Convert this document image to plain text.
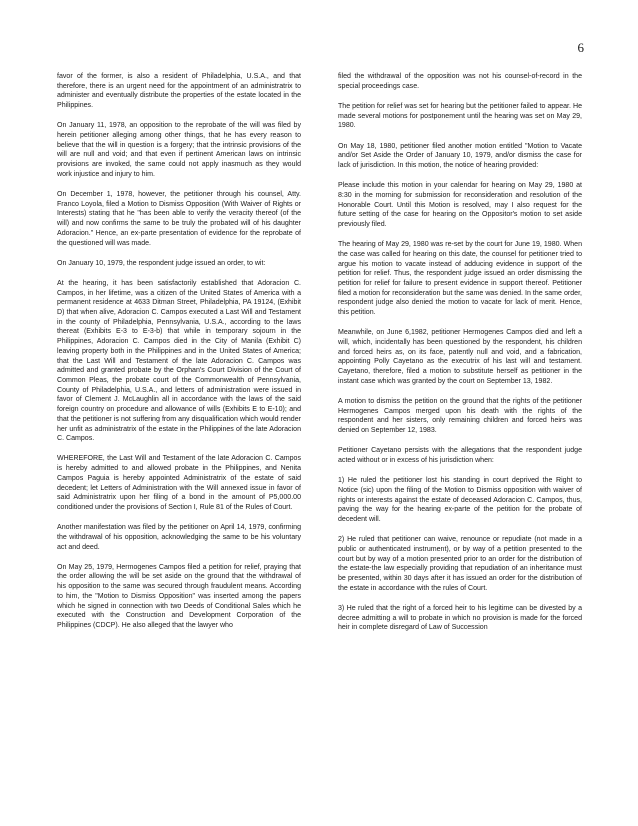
6

favor of the former, is also a resident of Philadelphia, U.S.A., and that therefore, there is an urgent need for the appointment of an administratrix to administer and eventually distribute the properties of the estate located in the Philippines.

On January 11, 1978, an opposition to the reprobate of the will was filed by herein petitioner alleging among other things, that he has every reason to believe that the will in question is a forgery; that the intrinsic provisions of the will are null and void; and that even if pertinent American laws on intrinsic provisions are invoked, the same could not apply inasmuch as they would work injustice and injury to him.

On December 1, 1978, however, the petitioner through his counsel, Atty. Franco Loyola, filed a Motion to Dismiss Opposition (With Waiver of Rights or Interests) stating that he "has been able to verify the veracity thereof (of the will) and now confirms the same to be truly the probated will of his daughter Adoracion." Hence, an ex-parte presentation of evidence for the reprobate of the questioned will was made.

On January 10, 1979, the respondent judge issued an order, to wit:

At the hearing, it has been satisfactorily established that Adoracion C. Campos, in her lifetime, was a citizen of the United States of America with a permanent residence at 4633 Ditman Street, Philadelphia, PA 19124, (Exhibit D) that when alive, Adoracion C. Campos executed a Last Will and Testament in the county of Philadelphia, Pennsylvania, U.S.A., according to the laws thereat (Exhibits E-3 to E-3-b) that while in temporary sojourn in the Philippines, Adoracion C. Campos died in the City of Manila (Exhibit C) leaving property both in the Philippines and in the United States of America; that the Last Will and Testament of the late Adoracion C. Campos was admitted and granted probate by the Orphan's Court Division of the Court of Common Pleas, the probate court of the Commonwealth of Pennsylvania, County of Philadelphia, U.S.A., and letters of administration were issued in favor of Clement J. McLaughlin all in accordance with the laws of the said foreign country on procedure and allowance of wills (Exhibits E to E-10); and that the petitioner is not suffering from any disqualification which would render her unfit as administratrix of the estate in the Philippines of the late Adoracion C. Campos.

WHEREFORE, the Last Will and Testament of the late Adoracion C. Campos is hereby admitted to and allowed probate in the Philippines, and Nenita Campos Paguia is hereby appointed Administratrix of the estate of said decedent; let Letters of Administration with the Will annexed issue in favor of said Administratrix upon her filing of a bond in the amount of P5,000.00 conditioned under the provisions of Section I, Rule 81 of the Rules of Court.

Another manifestation was filed by the petitioner on April 14, 1979, confirming the withdrawal of his opposition, acknowledging the same to be his voluntary act and deed.

On May 25, 1979, Hermogenes Campos filed a petition for relief, praying that the order allowing the will be set aside on the ground that the withdrawal of his opposition to the same was secured through fraudulent means. According to him, the "Motion to Dismiss Opposition" was inserted among the papers which he signed in connection with two Deeds of Conditional Sales which he executed with the Construction and Development Corporation of the Philippines (CDCP). He also alleged that the lawyer who

filed the withdrawal of the opposition was not his counsel-of-record in the special proceedings case.

The petition for relief was set for hearing but the petitioner failed to appear. He made several motions for postponement until the hearing was set on May 29, 1980.

On May 18, 1980, petitioner filed another motion entitled "Motion to Vacate and/or Set Aside the Order of January 10, 1979, and/or dismiss the case for lack of jurisdiction. In this motion, the notice of hearing provided:

Please include this motion in your calendar for hearing on May 29, 1980 at 8:30 in the morning for submission for reconsideration and resolution of the Honorable Court. Until this Motion is resolved, may I also request for the future setting of the case for hearing on the Oppositor's motion to set aside previously filed.

The hearing of May 29, 1980 was re-set by the court for June 19, 1980. When the case was called for hearing on this date, the counsel for petitioner tried to argue his motion to vacate instead of adducing evidence in support of the petition for relief. Thus, the respondent judge issued an order dismissing the petition for relief for failure to present evidence in support thereof. Petitioner filed a motion for reconsideration but the same was denied. In the same order, respondent judge also denied the motion to vacate for lack of merit. Hence, this petition.

Meanwhile, on June 6,1982, petitioner Hermogenes Campos died and left a will, which, incidentally has been questioned by the respondent, his children and forced heirs as, on its face, patently null and void, and a fabrication, appointing Polly Cayetano as the executrix of his last will and testament. Cayetano, therefore, filed a motion to substitute herself as petitioner in the instant case which was granted by the court on September 13, 1982.

A motion to dismiss the petition on the ground that the rights of the petitioner Hermogenes Campos merged upon his death with the rights of the respondent and her sisters, only remaining children and forced heirs was denied on September 12, 1983.

Petitioner Cayetano persists with the allegations that the respondent judge acted without or in excess of his jurisdiction when:

1) He ruled the petitioner lost his standing in court deprived the Right to Notice (sic) upon the filing of the Motion to Dismiss opposition with waiver of rights or interests against the estate of deceased Adoracion C. Campos, thus, paving the way for the hearing ex-parte of the petition for the probate of decedent will.

2) He ruled that petitioner can waive, renounce or repudiate (not made in a public or authenticated instrument), or by way of a petition presented to the court but by way of a motion presented prior to an order for the distribution of the estate-the law especially providing that repudiation of an inheritance must be presented, within 30 days after it has issued an order for the distribution of the estate in accordance with the rules of Court.

3) He ruled that the right of a forced heir to his legitime can be divested by a decree admitting a will to probate in which no provision is made for the forced heir in complete disregard of Law of Succession
